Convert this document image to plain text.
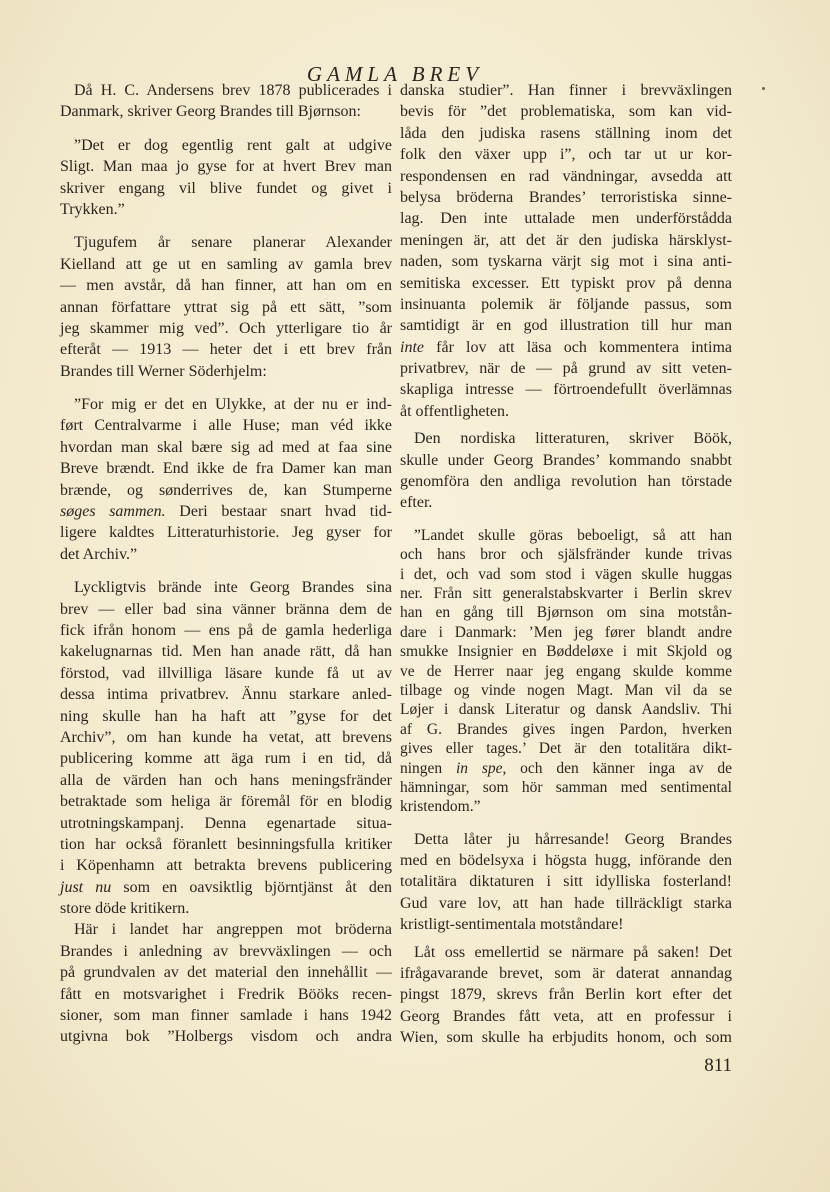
GAMLA BREV
Då H. C. Andersens brev 1878 publicerades i
Danmark, skriver Georg Brandes till Bjørnson:
”Det er dog egentlig rent galt at udgive
Sligt. Man maa jo gyse for at hvert Brev man
skriver engang vil blive fundet og givet i
Trykken.”
Tjugufem år senare planerar Alexander
Kielland att ge ut en samling av gamla brev
— men avstår, då han finner, att han om en
annan författare yttrat sig på ett sätt, ”som
jeg skammer mig ved”. Och ytterligare tio år
efteråt — 1913 — heter det i ett brev från
Brandes till Werner Söderhjelm:
”For mig er det en Ulykke, at der nu er ind-
ført Centralvarme i alle Huse; man véd ikke
hvordan man skal bære sig ad med at faa sine
Breve brændt. End ikke de fra Damer kan man
brænde, og sønderrives de, kan Stumperne
søges sammen. Deri bestaar snart hvad tid-
ligere kaldtes Litteraturhistorie. Jeg gyser for
det Archiv.”
Lyckligtvis brände inte Georg Brandes sina
brev — eller bad sina vänner bränna dem de
fick ifrån honom — ens på de gamla hederliga
kakelugnarnas tid. Men han anade rätt, då han
förstod, vad illvilliga läsare kunde få ut av
dessa intima privatbrev. Ännu starkare anled-
ning skulle han ha haft att ”gyse for det
Archiv”, om han kunde ha vetat, att brevens
publicering komme att äga rum i en tid, då
alla de värden han och hans meningsfränder
betraktade som heliga är föremål för en blodig
utrotningskampanj. Denna egenartade situa-
tion har också föranlett besinningsfulla kritiker
i Köpenhamn att betrakta brevens publicering
just nu som en oavsiktlig björntjänst åt den
store döde kritikern.
Här i landet har angreppen mot bröderna
Brandes i anledning av brevväxlingen — och
på grundvalen av det material den innehållit —
fått en motsvarighet i Fredrik Bööks recen-
sioner, som man finner samlade i hans 1942
utgivna bok ”Holbergs visdom och andra
danska studier”. Han finner i brevväxlingen
bevis för ”det problematiska, som kan vid-
låda den judiska rasens ställning inom det
folk den växer upp i”, och tar ut ur kor-
respondensen en rad vändningar, avsedda att
belysa bröderna Brandes’ terroristiska sinne-
lag. Den inte uttalade men underförstådda
meningen är, att det är den judiska härsklyst-
naden, som tyskarna värjt sig mot i sina anti-
semitiska excesser. Ett typiskt prov på denna
insinuanta polemik är följande passus, som
samtidigt är en god illustration till hur man
inte får lov att läsa och kommentera intima
privatbrev, när de — på grund av sitt veten-
skapliga intresse — förtroendefullt överlämnas
åt offentligheten.
Den nordiska litteraturen, skriver Böök,
skulle under Georg Brandes’ kommando snabbt
genomföra den andliga revolution han törstade
efter.
”Landet skulle göras beboeligt, så att han
och hans bror och själsfränder kunde trivas
i det, och vad som stod i vägen skulle huggas
ner. Från sitt generalstabskvarter i Berlin skrev
han en gång till Bjørnson om sina motstån-
dare i Danmark: ’Men jeg fører blandt andre
smukke Insignier en Bøddeløxe i mit Skjold og
ve de Herrer naar jeg engang skulde komme
tilbage og vinde nogen Magt. Man vil da se
Løjer i dansk Literatur og dansk Aandsliv. Thi
af G. Brandes gives ingen Pardon, hverken
gives eller tages.’ Det är den totalitära dikt-
ningen in spe, och den känner inga av de
hämningar, som hör samman med sentimental
kristendom.”
Detta låter ju hårresande! Georg Brandes
med en bödelsyxa i högsta hugg, införande den
totalitära diktaturen i sitt idylliska fosterland!
Gud vare lov, att han hade tillräckligt starka
kristligt-sentimentala motståndare!
Låt oss emellertid se närmare på saken! Det
ifrågavarande brevet, som är daterat annandag
pingst 1879, skrevs från Berlin kort efter det
Georg Brandes fått veta, att en professur i
Wien, som skulle ha erbjudits honom, och som
811
